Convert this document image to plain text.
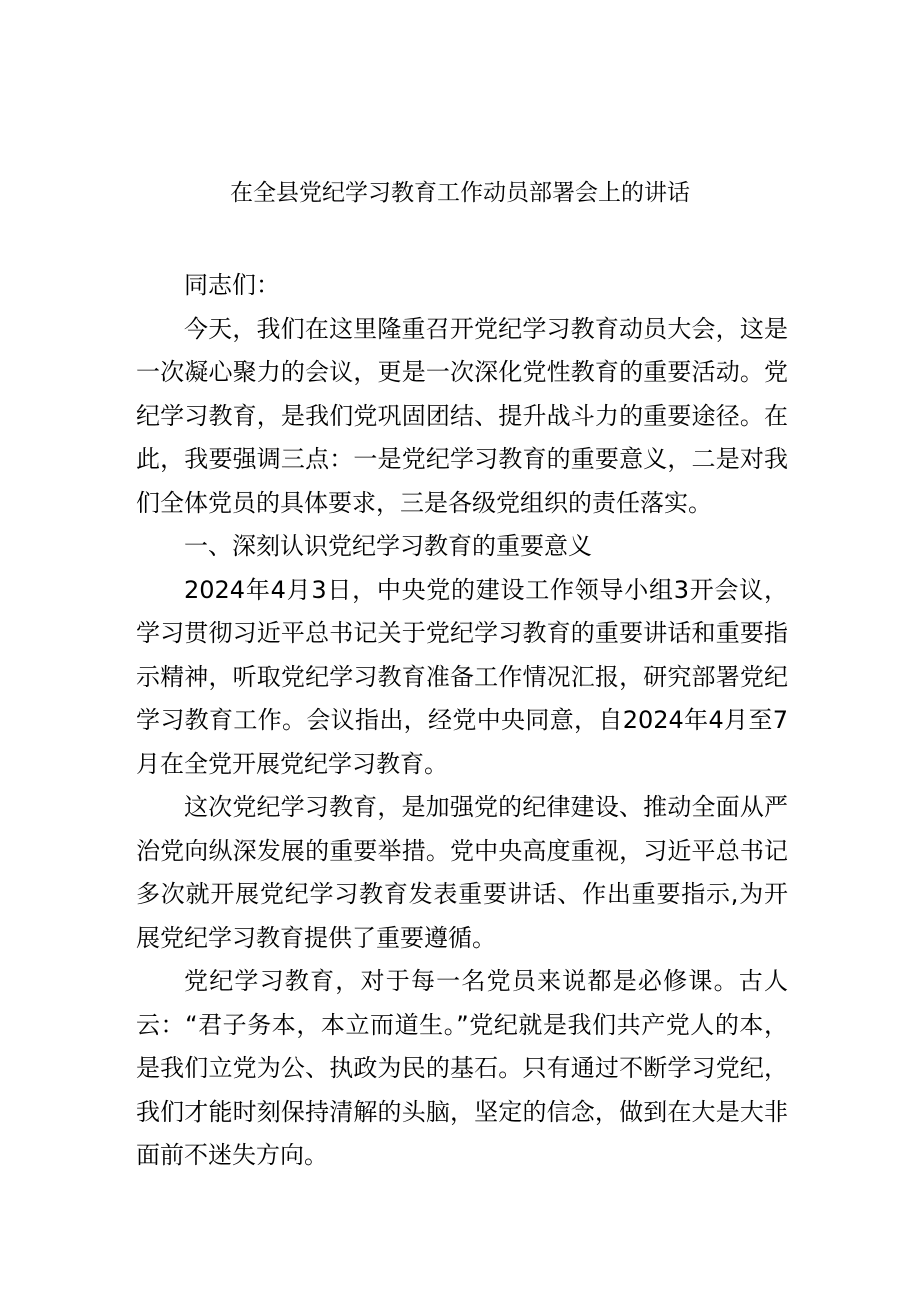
在全县党纪学习教育工作动员部署会上的讲话

同志们：

今天，我们在这里隆重召开党纪学习教育动员大会，这是一次凝心聚力的会议，更是一次深化党性教育的重要活动。党纪学习教育，是我们党巩固团结、提升战斗力的重要途径。在此，我要强调三点：一是党纪学习教育的重要意义，二是对我们全体党员的具体要求，三是各级党组织的责任落实。

一、深刻认识党纪学习教育的重要意义

2024年4月3日，中央党的建设工作领导小组3开会议，学习贯彻习近平总书记关于党纪学习教育的重要讲话和重要指示精神，听取党纪学习教育准备工作情况汇报，研究部署党纪学习教育工作。会议指出，经党中央同意，自2024年4月至7月在全党开展党纪学习教育。

这次党纪学习教育，是加强党的纪律建设、推动全面从严治党向纵深发展的重要举措。党中央高度重视，习近平总书记多次就开展党纪学习教育发表重要讲话、作出重要指示,为开展党纪学习教育提供了重要遵循。

党纪学习教育，对于每一名党员来说都是必修课。古人云：“君子务本，本立而道生。”党纪就是我们共产党人的本，是我们立党为公、执政为民的基石。只有通过不断学习党纪，我们才能时刻保持清解的头脑，坚定的信念，做到在大是大非面前不迷失方向。
